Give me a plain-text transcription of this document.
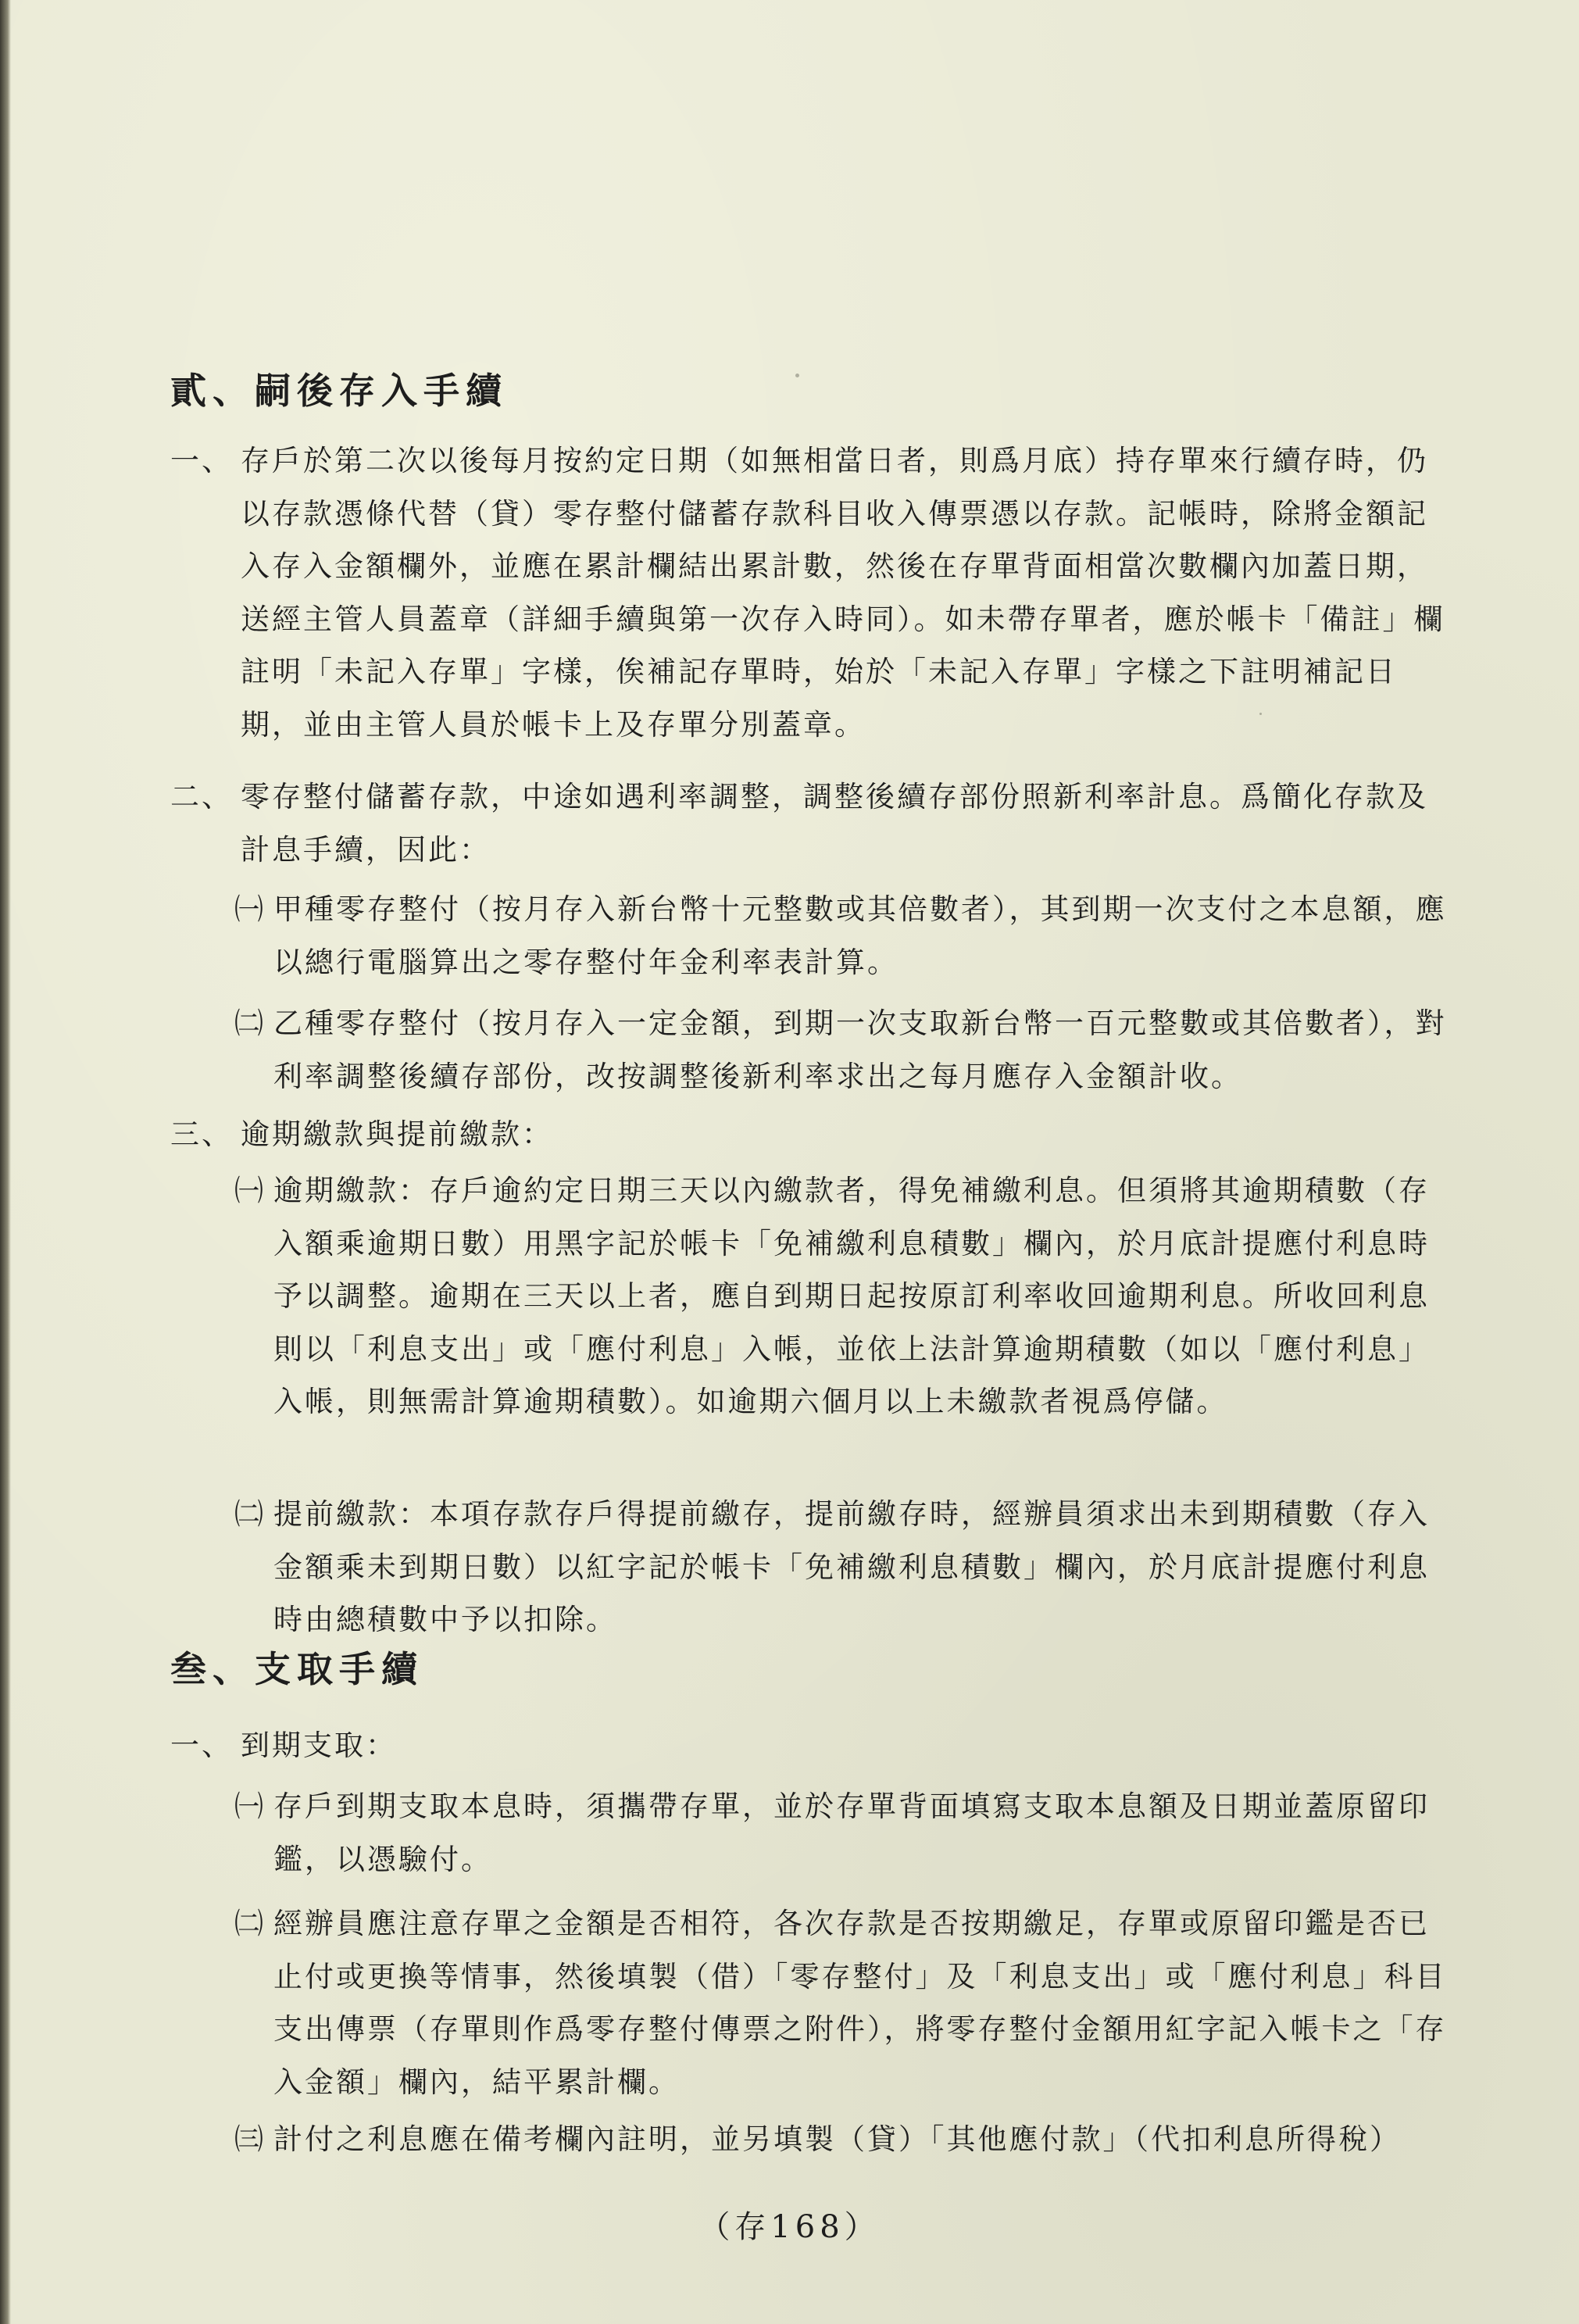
貳、嗣後存入手續
一、 存戶於第二次以後每月按約定日期（如無相當日者，則爲月底）持存單來行續存時，仍以存款憑條代替（貸）零存整付儲蓄存款科目收入傳票憑以存款。記帳時，除將金額記入存入金額欄外，並應在累計欄結出累計數，然後在存單背面相當次數欄內加蓋日期，送經主管人員蓋章（詳細手續與第一次存入時同）。如未帶存單者，應於帳卡「備註」欄註明「未記入存單」字樣，俟補記存單時，始於「未記入存單」字樣之下註明補記日期，並由主管人員於帳卡上及存單分別蓋章。
二、 零存整付儲蓄存款，中途如遇利率調整，調整後續存部份照新利率計息。爲簡化存款及計息手續，因此：
㈠ 甲種零存整付（按月存入新台幣十元整數或其倍數者），其到期一次支付之本息額，應以總行電腦算出之零存整付年金利率表計算。
㈡ 乙種零存整付（按月存入一定金額，到期一次支取新台幣一百元整數或其倍數者），對利率調整後續存部份，改按調整後新利率求出之每月應存入金額計收。
三、 逾期繳款與提前繳款：
㈠ 逾期繳款：存戶逾約定日期三天以內繳款者，得免補繳利息。但須將其逾期積數（存入額乘逾期日數）用黑字記於帳卡「免補繳利息積數」欄內，於月底計提應付利息時予以調整。逾期在三天以上者，應自到期日起按原訂利率收回逾期利息。所收回利息則以「利息支出」或「應付利息」入帳，並依上法計算逾期積數（如以「應付利息」入帳，則無需計算逾期積數）。如逾期六個月以上未繳款者視爲停儲。
㈡ 提前繳款：本項存款存戶得提前繳存，提前繳存時，經辦員須求出未到期積數（存入金額乘未到期日數）以紅字記於帳卡「免補繳利息積數」欄內，於月底計提應付利息時由總積數中予以扣除。
叁、支取手續
一、 到期支取：
㈠ 存戶到期支取本息時，須攜帶存單，並於存單背面填寫支取本息額及日期並蓋原留印鑑，以憑驗付。
㈡ 經辦員應注意存單之金額是否相符，各次存款是否按期繳足，存單或原留印鑑是否已止付或更換等情事，然後填製（借）「零存整付」及「利息支出」或「應付利息」科目支出傳票（存單則作爲零存整付傳票之附件），將零存整付金額用紅字記入帳卡之「存入金額」欄內，結平累計欄。
㈢ 計付之利息應在備考欄內註明，並另填製（貸）「其他應付款」（代扣利息所得稅）
（存168）
